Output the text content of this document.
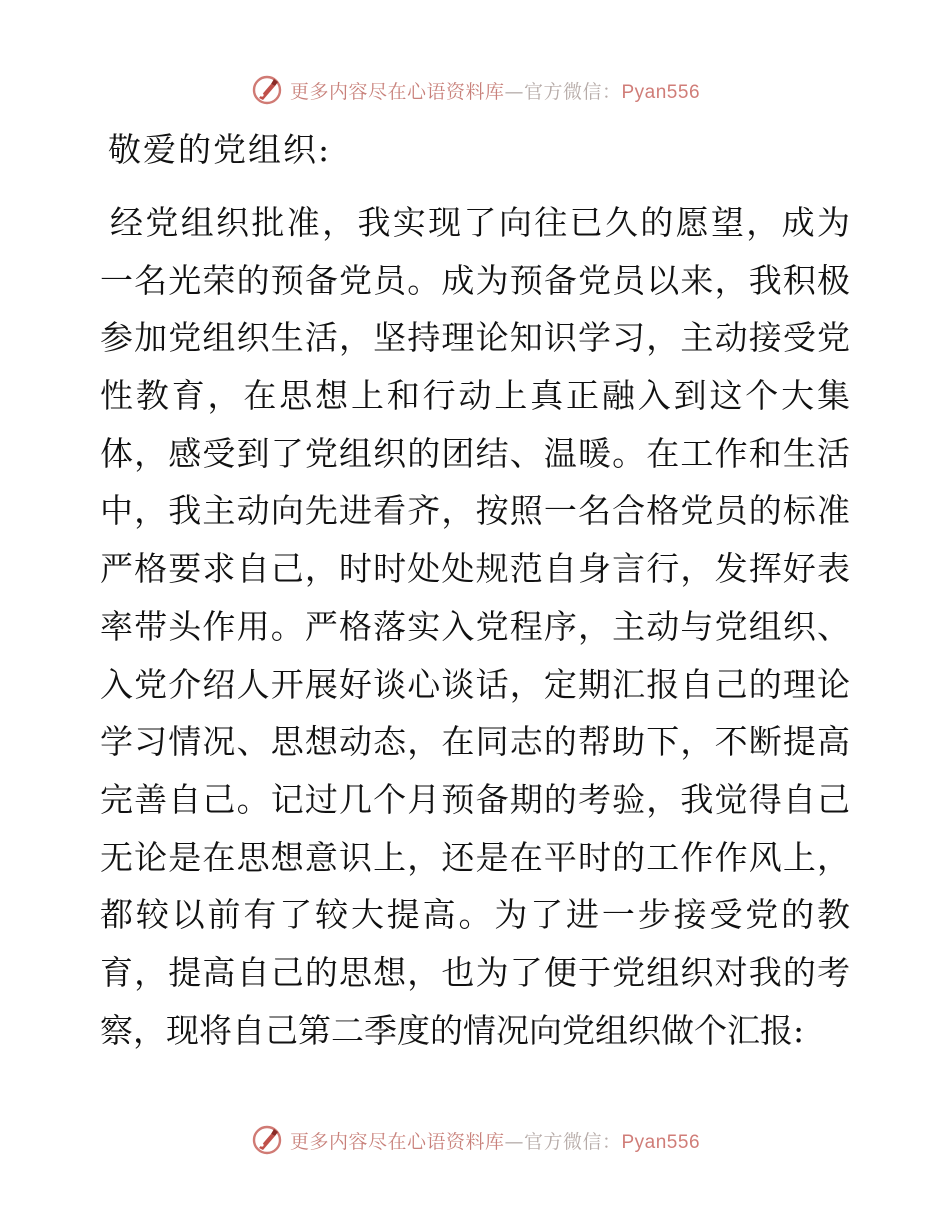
更多内容尽在心语资料库—官方微信：Pyan556

敬爱的党组织:

经党组织批准，我实现了向往已久的愿望，成为
一名光荣的预备党员。成为预备党员以来，我积极
参加党组织生活，坚持理论知识学习，主动接受党
性教育，在思想上和行动上真正融入到这个大集
体，感受到了党组织的团结、温暖。在工作和生活
中，我主动向先进看齐，按照一名合格党员的标准
严格要求自己，时时处处规范自身言行，发挥好表
率带头作用。严格落实入党程序，主动与党组织、
入党介绍人开展好谈心谈话，定期汇报自己的理论
学习情况、思想动态，在同志的帮助下，不断提高
完善自己。记过几个月预备期的考验，我觉得自己
无论是在思想意识上，还是在平时的工作作风上，
都较以前有了较大提高。为了进一步接受党的教
育，提高自己的思想，也为了便于党组织对我的考
察，现将自己第二季度的情况向党组织做个汇报:
更多内容尽在心语资料库—官方微信：Pyan556
